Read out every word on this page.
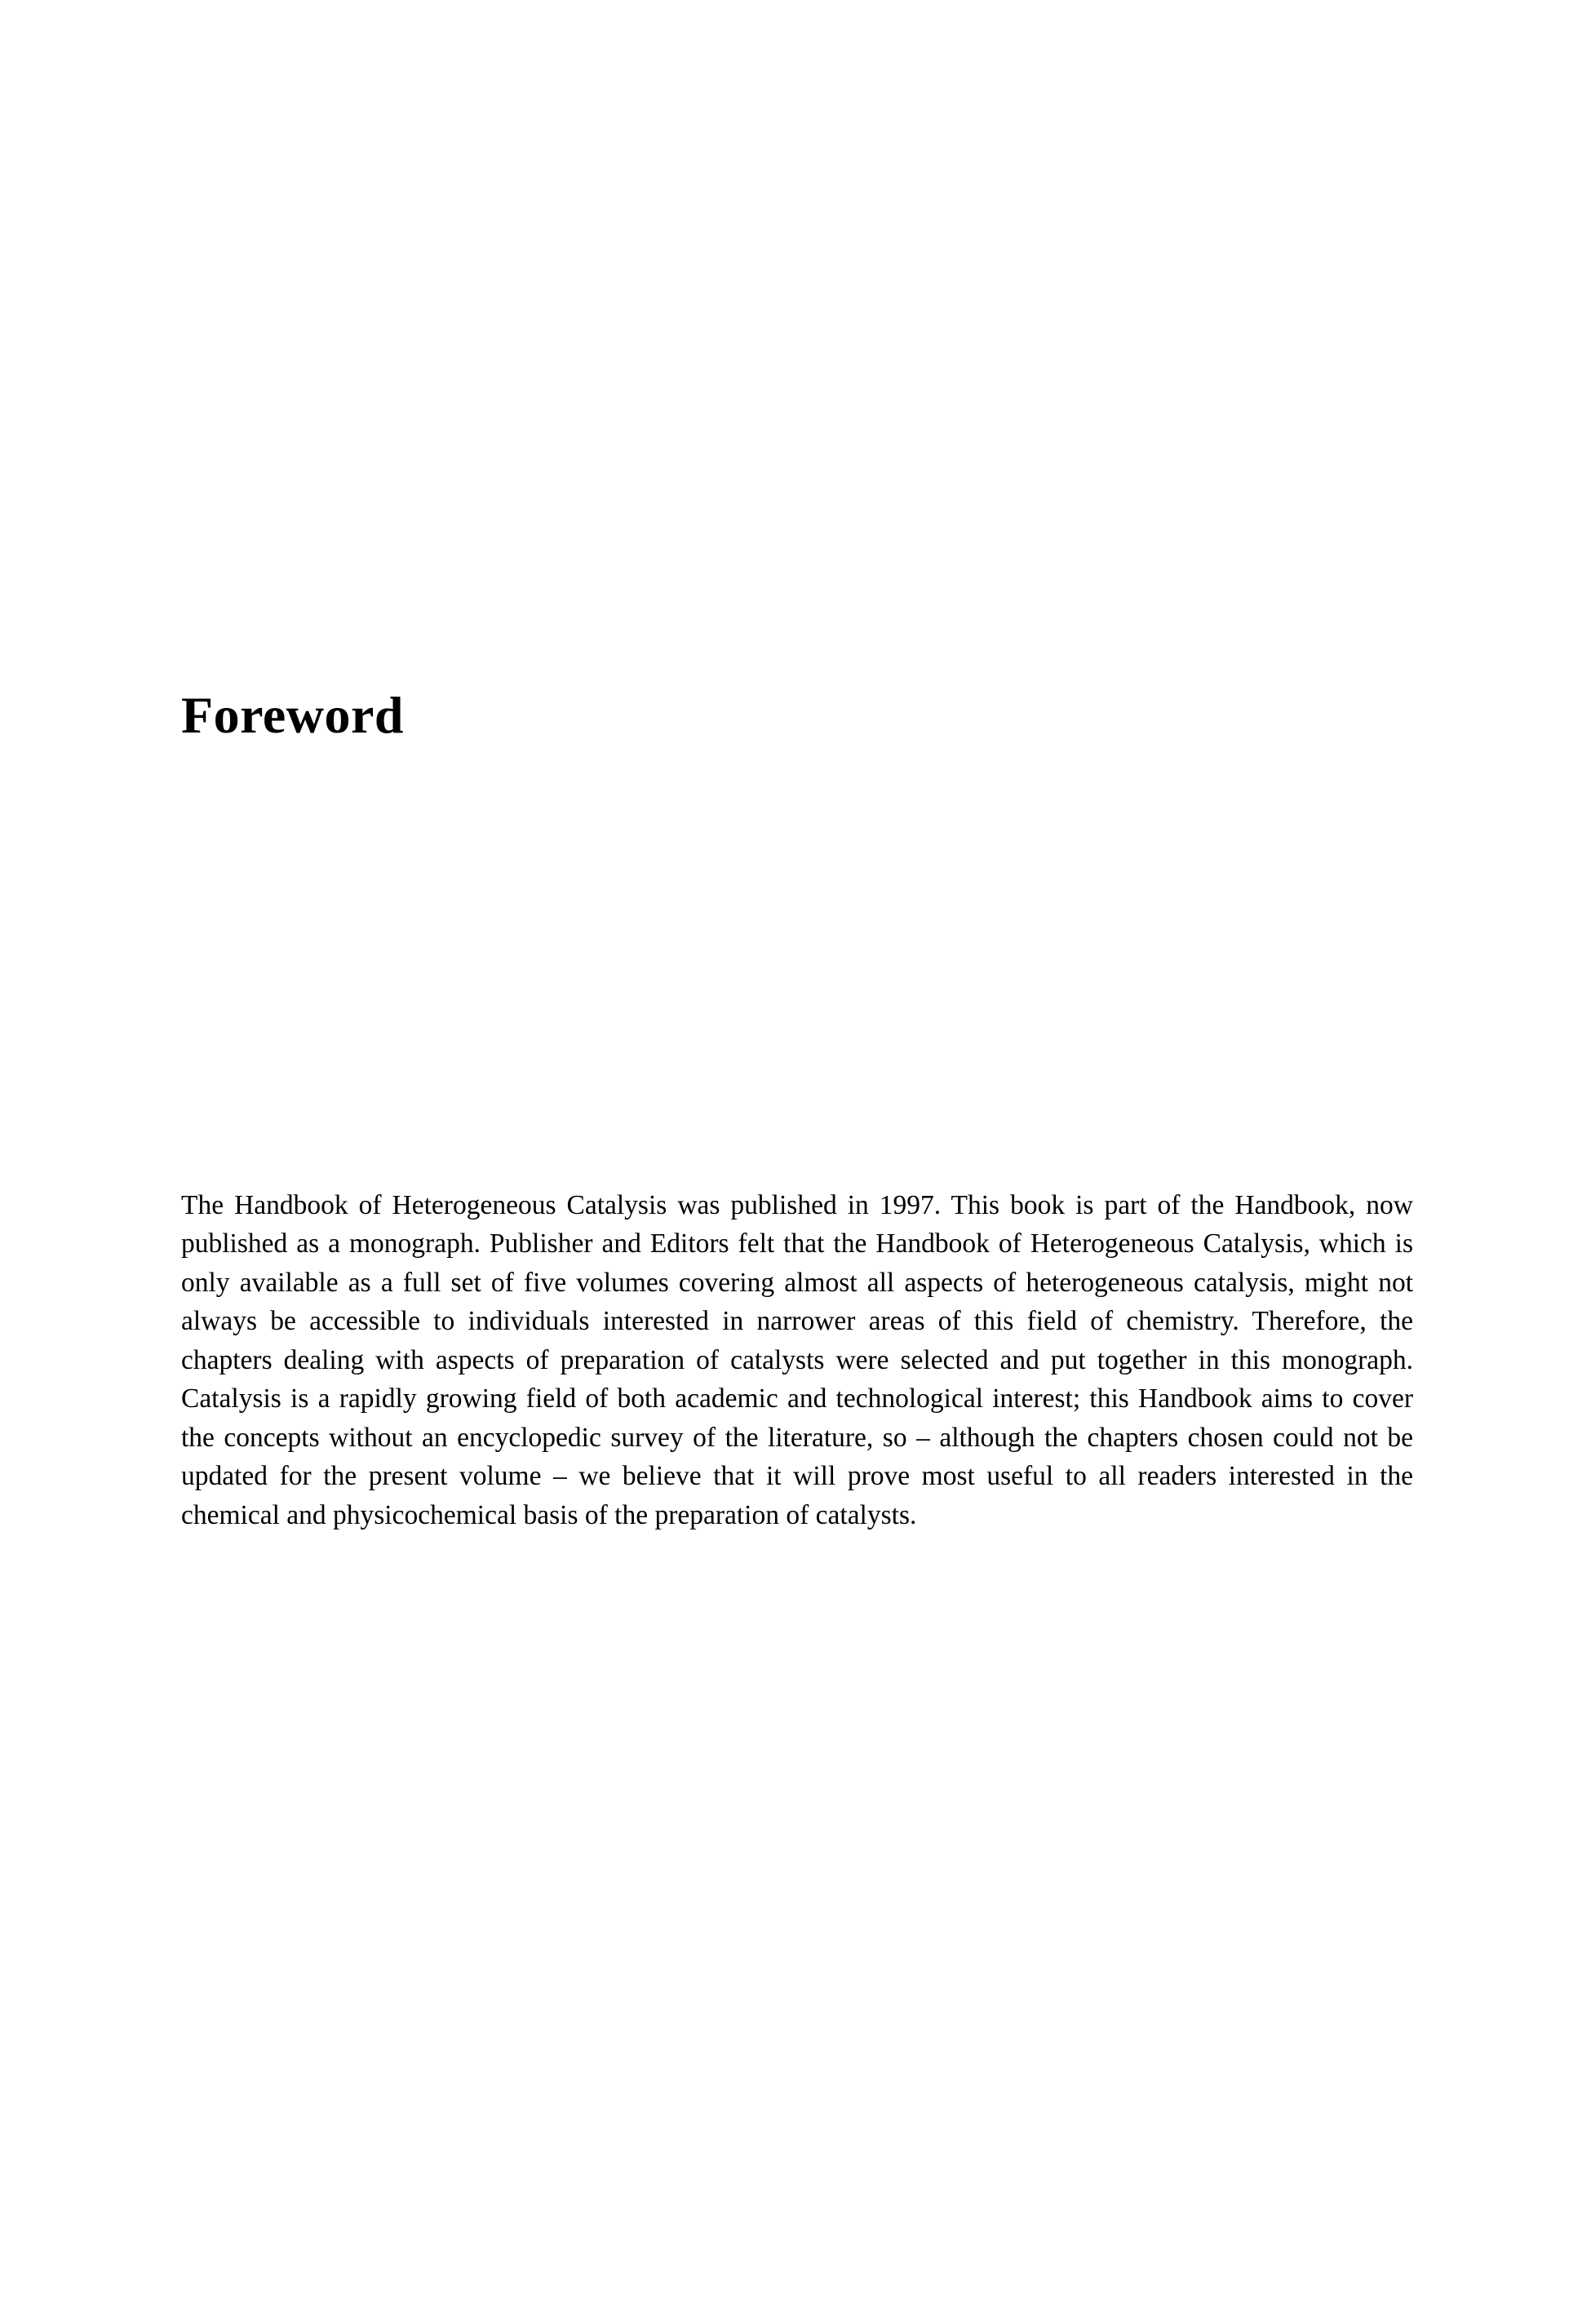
Foreword

The Handbook of Heterogeneous Catalysis was published in 1997. This book is part of the Handbook, now published as a monograph. Publisher and Editors felt that the Handbook of Heterogeneous Catalysis, which is only available as a full set of five volumes covering almost all aspects of heterogeneous catalysis, might not always be accessible to individuals interested in narrower areas of this field of chemistry. Therefore, the chapters dealing with aspects of preparation of catalysts were selected and put together in this monograph. Catalysis is a rapidly growing field of both academic and technological interest; this Handbook aims to cover the concepts without an encyclopedic survey of the literature, so – although the chapters chosen could not be updated for the present volume – we believe that it will prove most useful to all readers interested in the chemical and physicochemical basis of the preparation of catalysts.
